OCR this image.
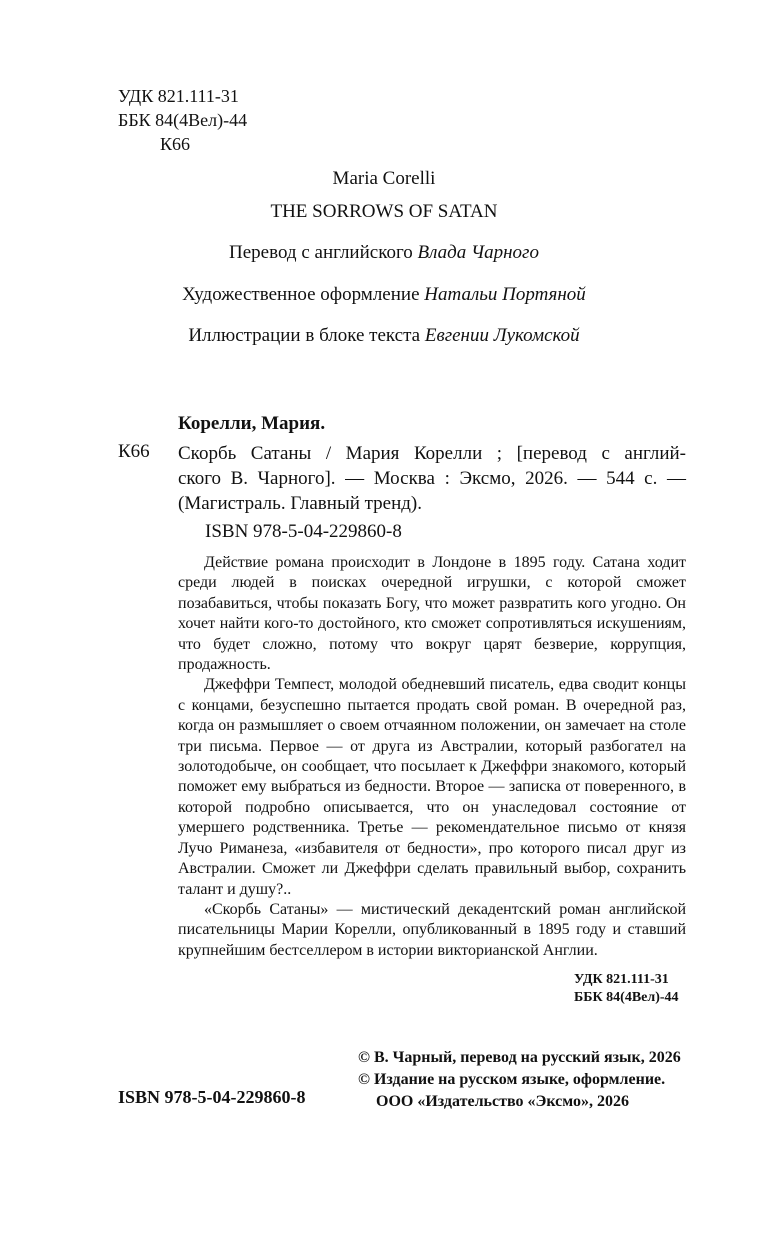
УДК 821.111-31
ББК 84(4Вел)-44
К66
Maria Corelli
THE SORROWS OF SATAN
Перевод с английского Влада Чарного
Художественное оформление Натальи Портяной
Иллюстрации в блоке текста Евгении Лукомской
Корелли, Мария.
К66 Скорбь Сатаны / Мария Корелли ; [перевод с англий-
ского В. Чарного]. — Москва : Эксмо, 2026. — 544 с. —
(Магистраль. Главный тренд).
ISBN 978-5-04-229860-8

Действие романа происходит в Лондоне в 1895 году. Сатана ходит среди людей в поисках очередной игрушки, с которой сможет позабавиться, чтобы показать Богу, что может развратить кого угодно. Он хочет найти кого-то достойного, кто сможет сопротивляться искушениям, что будет сложно, потому что вокруг царят безверие, коррупция, продажность.

Джеффри Темпест, молодой обедневший писатель, едва сводит концы с концами, безуспешно пытается продать свой роман. В очередной раз, когда он размышляет о своем отчаянном положении, он замечает на столе три письма. Первое — от друга из Австралии, который разбогател на золотодобыче, он сообщает, что посылает к Джеффри знакомого, который поможет ему выбраться из бедности. Второе — записка от поверенного, в которой подробно описывается, что он унаследовал состояние от умершего родственника. Третье — рекомендательное письмо от князя Лучо Риманеза, «избавителя от бедности», про которого писал друг из Австралии. Сможет ли Джеффри сделать правильный выбор, сохранить талант и душу?..

«Скорбь Сатаны» — мистический декадентский роман английской писательницы Марии Корелли, опубликованный в 1895 году и ставший крупнейшим бестселлером в истории викторианской Англии.

УДК 821.111-31
ББК 84(4Вел)-44
© В. Чарный, перевод на русский язык, 2026
© Издание на русском языке, оформление.
ООО «Издательство «Эксмо», 2026
ISBN 978-5-04-229860-8
